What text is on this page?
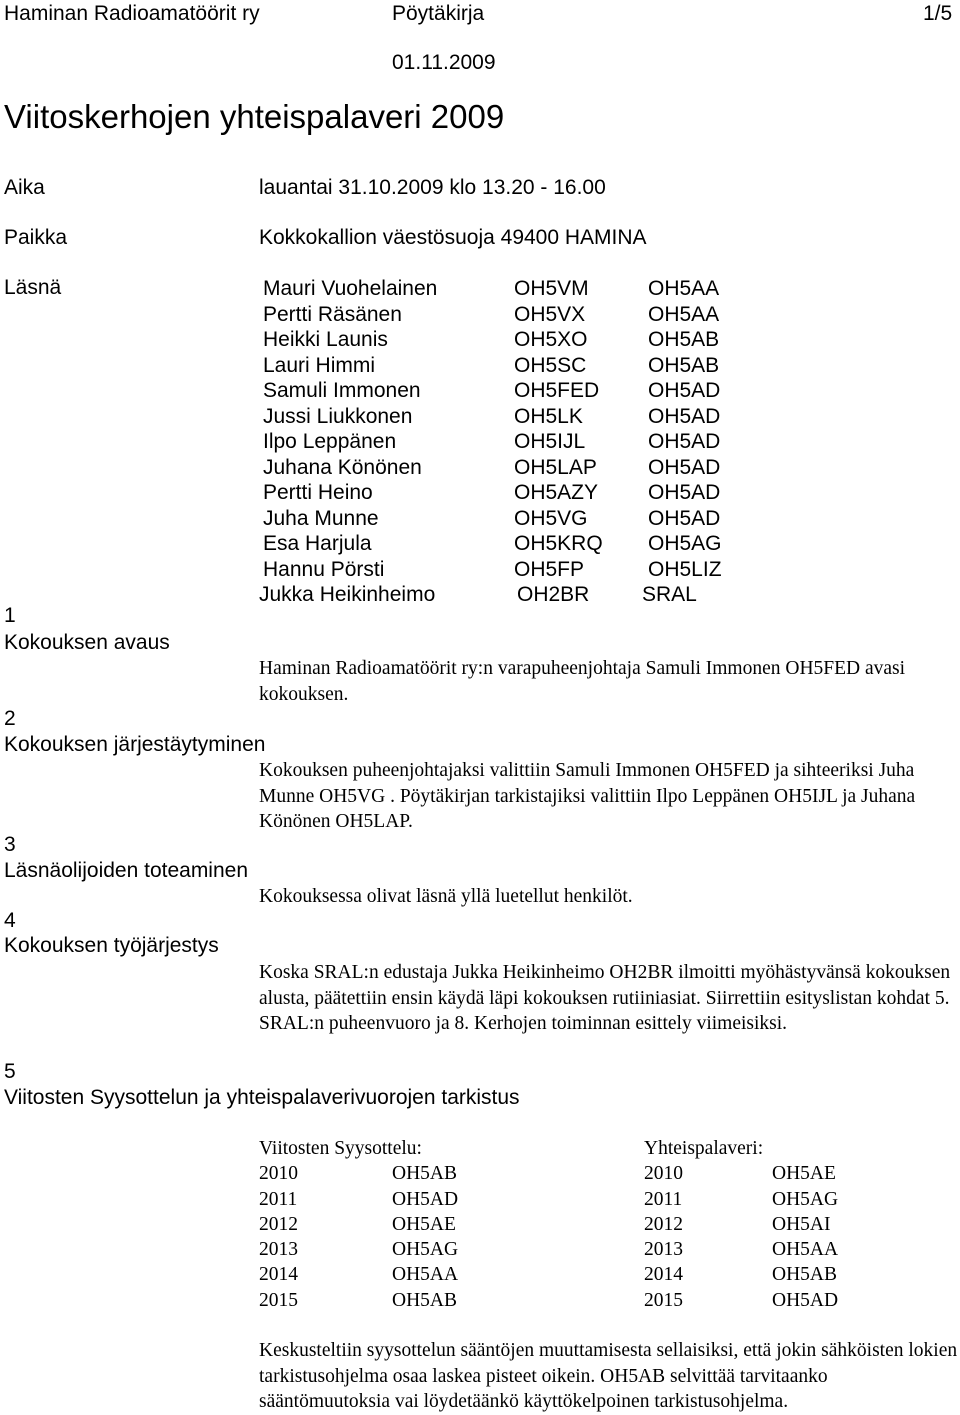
Haminan Radioamatöörit ry	Pöytäkirja	1/5
01.11.2009
Viitoskerhojen yhteispalaveri 2009
Aika	lauantai 31.10.2009 klo 13.20 - 16.00
Paikka	Kokkokallion väestösuoja 49400 HAMINA
Läsnä	Mauri Vuohelainen	OH5VM	OH5AA
Pertti Räsänen	OH5VX	OH5AA
Heikki Launis	OH5XO	OH5AB
Lauri Himmi	OH5SC	OH5AB
Samuli Immonen	OH5FED OH5AD
Jussi Liukkonen	OH5LK	OH5AD
Ilpo Leppänen	OH5IJL	OH5AD
Juhana Könönen	OH5LAP OH5AD
Pertti Heino	OH5AZY OH5AD
Juha Munne	OH5VG	OH5AD
Esa Harjula	OH5KRQ OH5AG
Hannu Pörsti	OH5FP	OH5LIZ
Jukka Heikinheimo	OH2BR	SRAL
1
Kokouksen avaus
Haminan Radioamatöörit ry:n varapuheenjohtaja Samuli Immonen OH5FED avasi kokouksen.
2
Kokouksen järjestäytyminen
Kokouksen puheenjohtajaksi valittiin Samuli Immonen OH5FED ja sihteeriksi Juha Munne OH5VG . Pöytäkirjan tarkistajiksi valittiin Ilpo Leppänen OH5IJL ja Juhana Könönen OH5LAP.
3
Läsnäolijoiden toteaminen
Kokouksessa olivat läsnä yllä luetellut henkilöt.
4
Kokouksen työjärjestys
Koska SRAL:n edustaja Jukka Heikinheimo OH2BR ilmoitti myöhästyvänsä kokouksen alusta, päätettiin ensin käydä läpi kokouksen rutiiniasiat. Siirrettiin esityslistan kohdat 5. SRAL:n puheenvuoro ja 8. Kerhojen toiminnan esittely viimeisiksi.
5
Viitosten Syysottelun ja yhteispalaverivuorojen tarkistus
Viitosten Syysottelu:
2010	OH5AB
2011	OH5AD
2012	OH5AE
2013	OH5AG
2014	OH5AA
2015	OH5AB
Yhteispalaveri:
2010	OH5AE
2011	OH5AG
2012	OH5AI
2013	OH5AA
2014	OH5AB
2015	OH5AD
Keskusteltiin syysottelun sääntöjen muuttamisesta sellaisiksi, että jokin sähköisten lokien tarkistusohjelma osaa laskea pisteet oikein. OH5AB selvittää tarvitaanko sääntömuutoksia vai löydetäänkö käyttökelpoinen tarkistusohjelma.
